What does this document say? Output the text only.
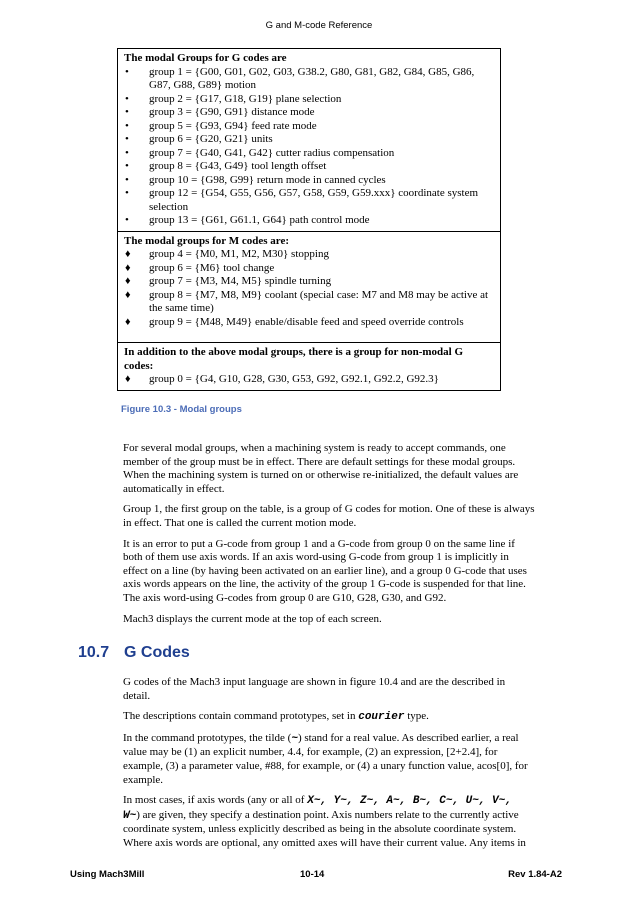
G and M-code Reference
The modal Groups for G codes are
•	group 1 = {G00, G01, G02, G03, G38.2, G80, G81, G82, G84, G85, G86, G87, G88, G89} motion
•	group 2 = {G17, G18, G19} plane selection
•	group 3 = {G90, G91} distance mode
•	group 5 = {G93, G94} feed rate mode
•	group 6 = {G20, G21} units
•	group 7 = {G40, G41, G42} cutter radius compensation
•	group 8 = {G43, G49} tool length offset
•	group 10 = {G98, G99} return mode in canned cycles
•	group 12 = {G54, G55, G56, G57, G58, G59, G59.xxx} coordinate system selection
•	group 13 = {G61, G61.1, G64} path control mode
The modal groups for M codes are:
♦	group 4 = {M0, M1, M2, M30} stopping
♦	group 6 = {M6} tool change
♦	group 7 = {M3, M4, M5} spindle turning
♦	group 8 = {M7, M8, M9} coolant (special case: M7 and M8 may be active at the same time)
♦	group 9 = {M48, M49} enable/disable feed and speed override controls
In addition to the above modal groups, there is a group for non-modal G codes:
♦	group 0 = {G4, G10, G28, G30, G53, G92, G92.1, G92.2, G92.3}
Figure 10.3 - Modal groups

For several modal groups, when a machining system is ready to accept commands, one member of the group must be in effect. There are default settings for these modal groups. When the machining system is turned on or otherwise re-initialized, the default values are automatically in effect.

Group 1, the first group on the table, is a group of G codes for motion. One of these is always in effect. That one is called the current motion mode.

It is an error to put a G-code from group 1 and a G-code from group 0 on the same line if both of them use axis words. If an axis word-using G-code from group 1 is implicitly in effect on a line (by having been activated on an earlier line), and a group 0 G-code that uses axis words appears on the line, the activity of the group 1 G-code is suspended for that line. The axis word-using G-codes from group 0 are G10, G28, G30, and G92.

Mach3 displays the current mode at the top of each screen.

10.7 G Codes

G codes of the Mach3 input language are shown in figure 10.4 and are the described in detail.

The descriptions contain command prototypes, set in courier type.

In the command prototypes, the tilde (~) stand for a real value. As described earlier, a real value may be (1) an explicit number, 4.4, for example, (2) an expression, [2+2.4], for example, (3) a parameter value, #88, for example, or (4) a unary function value, acos[0], for example.

In most cases, if axis words (any or all of X~, Y~, Z~, A~, B~, C~, U~, V~, W~) are given, they specify a destination point. Axis numbers relate to the currently active coordinate system, unless explicitly described as being in the absolute coordinate system. Where axis words are optional, any omitted axes will have their current value. Any items in

Using Mach3Mill	10-14	Rev 1.84-A2
